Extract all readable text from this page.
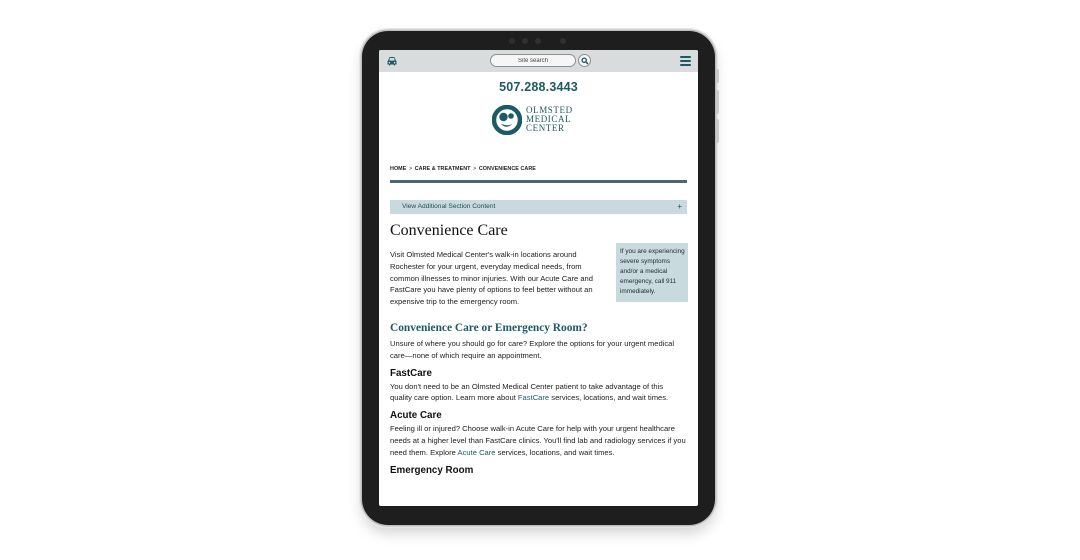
Site search
507.288.3443
OLMSTED
MEDICAL
CENTER
HOME > CARE & TREATMENT > CONVENIENCE CARE
View Additional Section Content	+
Convenience Care

Visit Olmsted Medical Center's walk-in locations around Rochester for your urgent, everyday medical needs, from common illnesses to minor injuries. With our Acute Care and FastCare you have plenty of options to feel better without an expensive trip to the emergency room.

If you are experiencing severe symptoms and/or a medical emergency, call 911 immediately.
Convenience Care or Emergency Room?

Unsure of where you should go for care? Explore the options for your urgent medical care—none of which require an appointment.

FastCare

You don't need to be an Olmsted Medical Center patient to take advantage of this quality care option. Learn more about FastCare services, locations, and wait times.

Acute Care

Feeling ill or injured? Choose walk-in Acute Care for help with your urgent healthcare needs at a higher level than FastCare clinics. You'll find lab and radiology services if you need them. Explore Acute Care services, locations, and wait times.

Emergency Room
